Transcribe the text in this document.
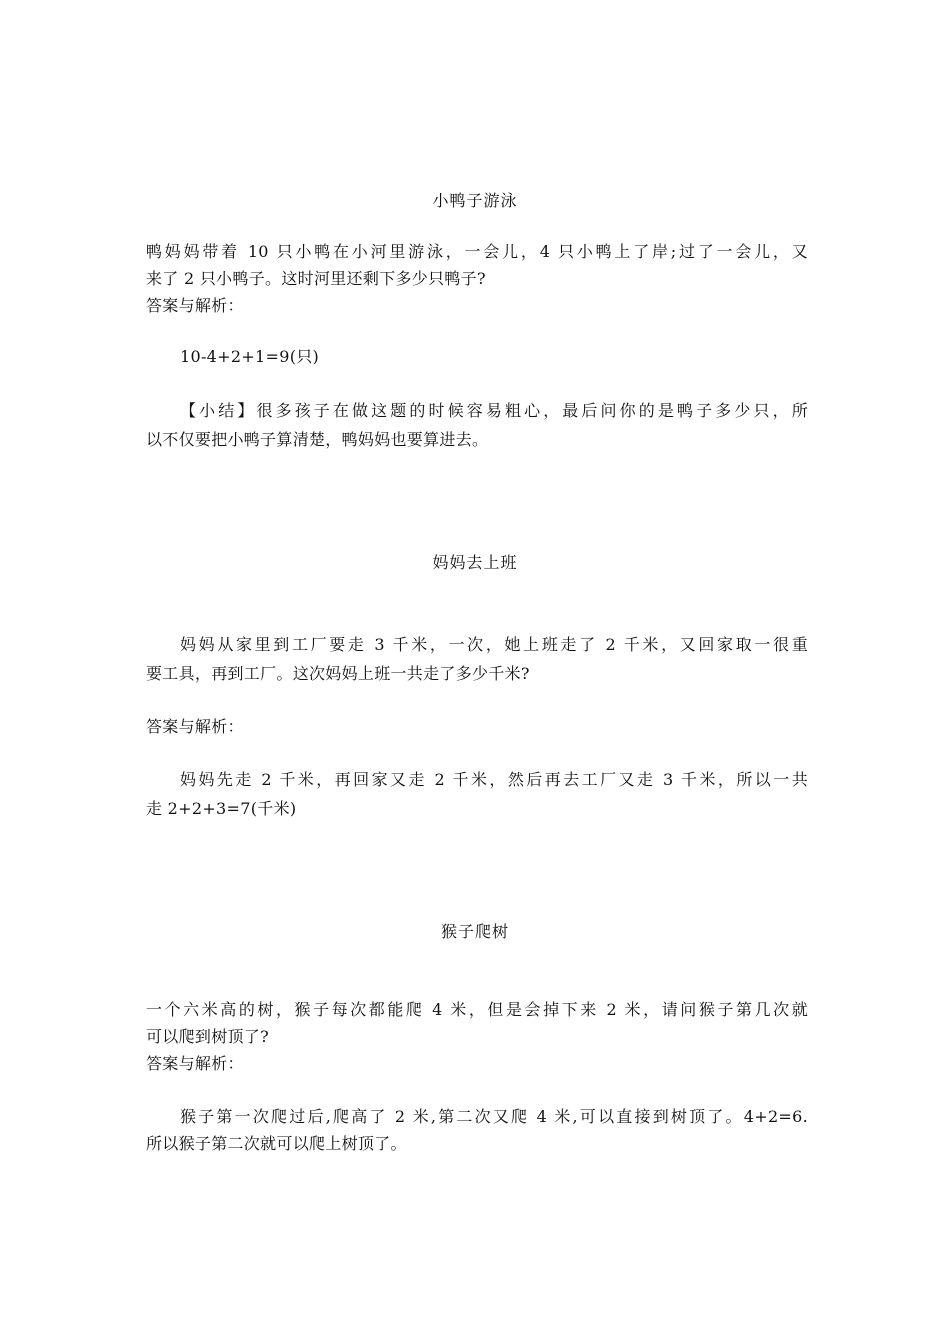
小鸭子游泳
鸭妈妈带着 10 只小鸭在小河里游泳，一会儿，4 只小鸭上了岸;过了一会儿，又
来了 2 只小鸭子。这时河里还剩下多少只鸭子?
答案与解析：
10-4+2+1=9(只)
【小结】很多孩子在做这题的时候容易粗心，最后问你的是鸭子多少只，所
以不仅要把小鸭子算清楚，鸭妈妈也要算进去。
妈妈去上班
妈妈从家里到工厂要走 3 千米，一次，她上班走了 2 千米，又回家取一很重
要工具，再到工厂。这次妈妈上班一共走了多少千米?
答案与解析：
妈妈先走 2 千米，再回家又走 2 千米，然后再去工厂又走 3 千米，所以一共
走 2+2+3=7(千米)
猴子爬树
一个六米高的树，猴子每次都能爬 4 米，但是会掉下来 2 米，请问猴子第几次就
可以爬到树顶了?
答案与解析：
猴子第一次爬过后,爬高了 2 米,第二次又爬 4 米,可以直接到树顶了。4+2=6.
所以猴子第二次就可以爬上树顶了。
